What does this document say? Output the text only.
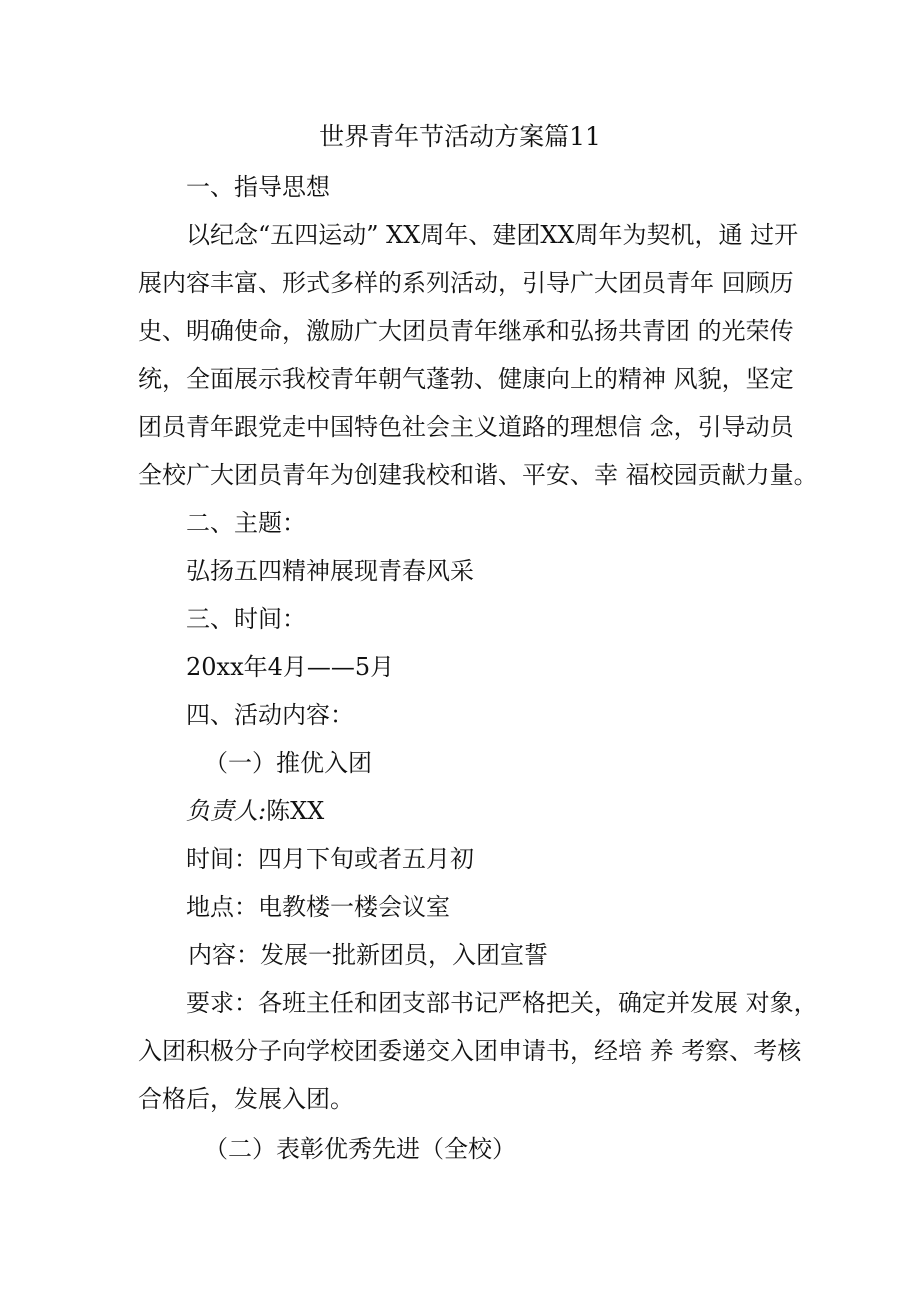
世界青年节活动方案篇11
一、指导思想
以纪念“五四运动” XX周年、建团XX周年为契机，通 过开
展内容丰富、形式多样的系列活动，引导广大团员青年 回顾历
史、明确使命，激励广大团员青年继承和弘扬共青团 的光荣传
统，全面展示我校青年朝气蓬勃、健康向上的精神 风貌，坚定
团员青年跟党走中国特色社会主义道路的理想信 念，引导动员
全校广大团员青年为创建我校和谐、平安、幸 福校园贡献力量。
二、主题：
弘扬五四精神展现青春风采
三、时间：
20xx年4月——5月
四、活动内容：
（一）推优入团
负责人:陈XX
时间：四月下旬或者五月初
地点：电教楼一楼会议室
内容：发展一批新团员，入团宣誓
要求：各班主任和团支部书记严格把关，确定并发展 对象，
入团积极分子向学校团委递交入团申请书，经培 养 考察、考核
合格后，发展入团。
（二）表彰优秀先进（全校）
